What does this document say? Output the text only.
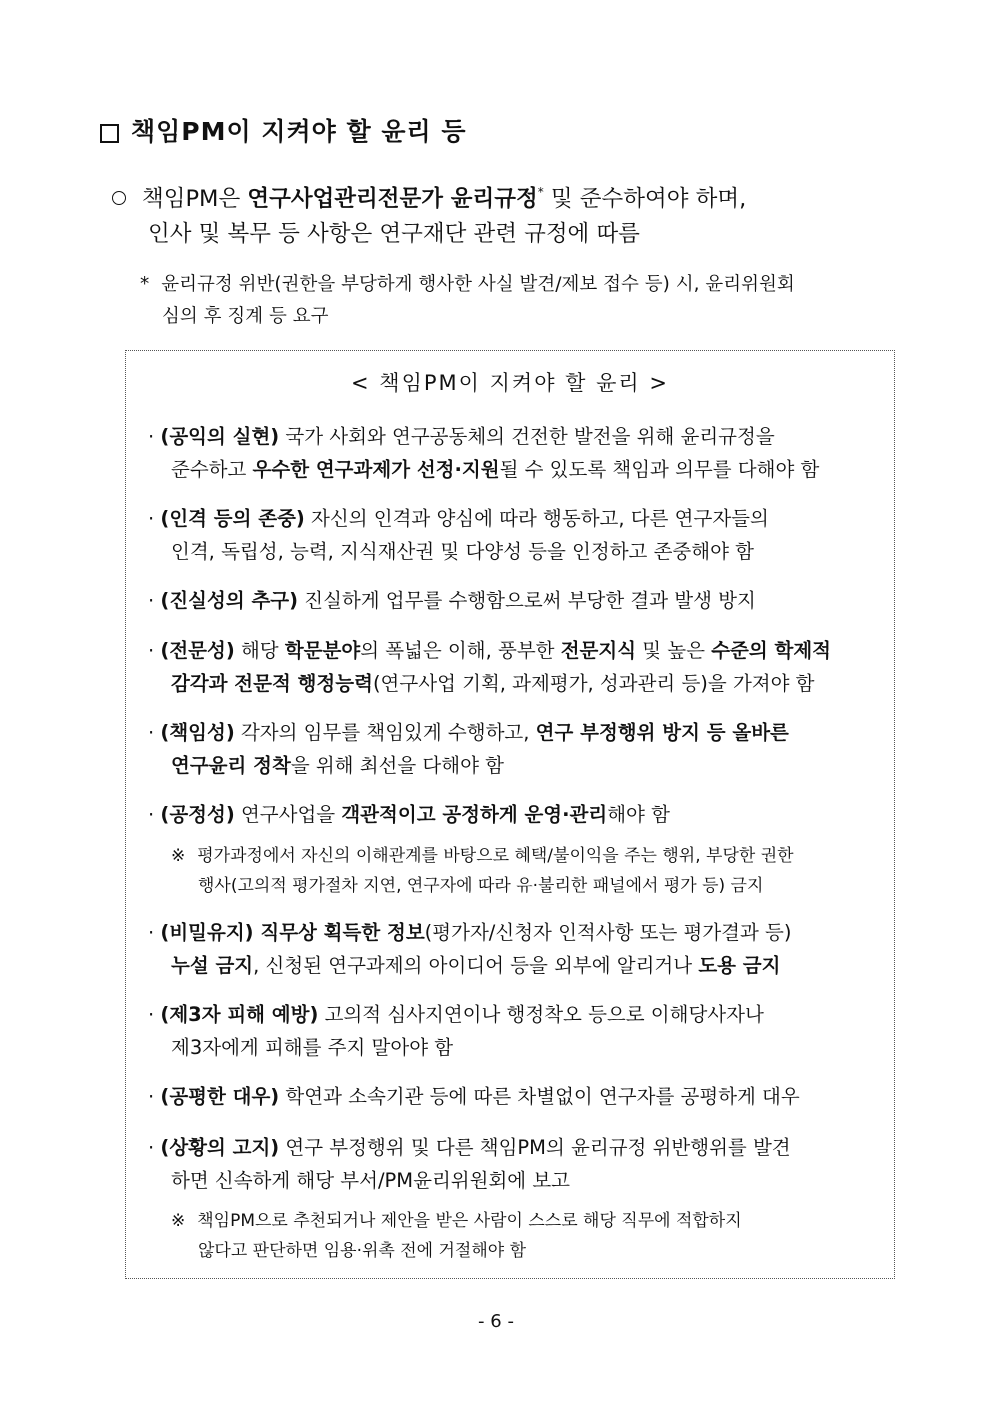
책임PM이 지켜야 할 윤리 등
책임PM은 연구사업관리전문가 윤리규정* 및 준수하여야 하며,
인사 및 복무 등 사항은 연구재단 관련 규정에 따름
* 윤리규정 위반(권한을 부당하게 행사한 사실 발견/제보 접수 등) 시, 윤리위원회
심의 후 징계 등 요구
< 책임PM이 지켜야 할 윤리 >
· (공익의 실현) 국가 사회와 연구공동체의 건전한 발전을 위해 윤리규정을
준수하고 우수한 연구과제가 선정·지원될 수 있도록 책임과 의무를 다해야 함
· (인격 등의 존중) 자신의 인격과 양심에 따라 행동하고, 다른 연구자들의
인격, 독립성, 능력, 지식재산권 및 다양성 등을 인정하고 존중해야 함
· (진실성의 추구) 진실하게 업무를 수행함으로써 부당한 결과 발생 방지
· (전문성) 해당 학문분야의 폭넓은 이해, 풍부한 전문지식 및 높은 수준의 학제적
감각과 전문적 행정능력(연구사업 기획, 과제평가, 성과관리 등)을 가져야 함
· (책임성) 각자의 임무를 책임있게 수행하고, 연구 부정행위 방지 등 올바른
연구윤리 정착을 위해 최선을 다해야 함
· (공정성) 연구사업을 객관적이고 공정하게 운영·관리해야 함
※ 평가과정에서 자신의 이해관계를 바탕으로 혜택/불이익을 주는 행위, 부당한 권한
행사(고의적 평가절차 지연, 연구자에 따라 유·불리한 패널에서 평가 등) 금지
· (비밀유지) 직무상 획득한 정보(평가자/신청자 인적사항 또는 평가결과 등)
누설 금지, 신청된 연구과제의 아이디어 등을 외부에 알리거나 도용 금지
· (제3자 피해 예방) 고의적 심사지연이나 행정착오 등으로 이해당사자나
제3자에게 피해를 주지 말아야 함
· (공평한 대우) 학연과 소속기관 등에 따른 차별없이 연구자를 공평하게 대우
· (상황의 고지) 연구 부정행위 및 다른 책임PM의 윤리규정 위반행위를 발견
하면 신속하게 해당 부서/PM윤리위원회에 보고
※ 책임PM으로 추천되거나 제안을 받은 사람이 스스로 해당 직무에 적합하지
않다고 판단하면 임용·위촉 전에 거절해야 함
- 6 -
